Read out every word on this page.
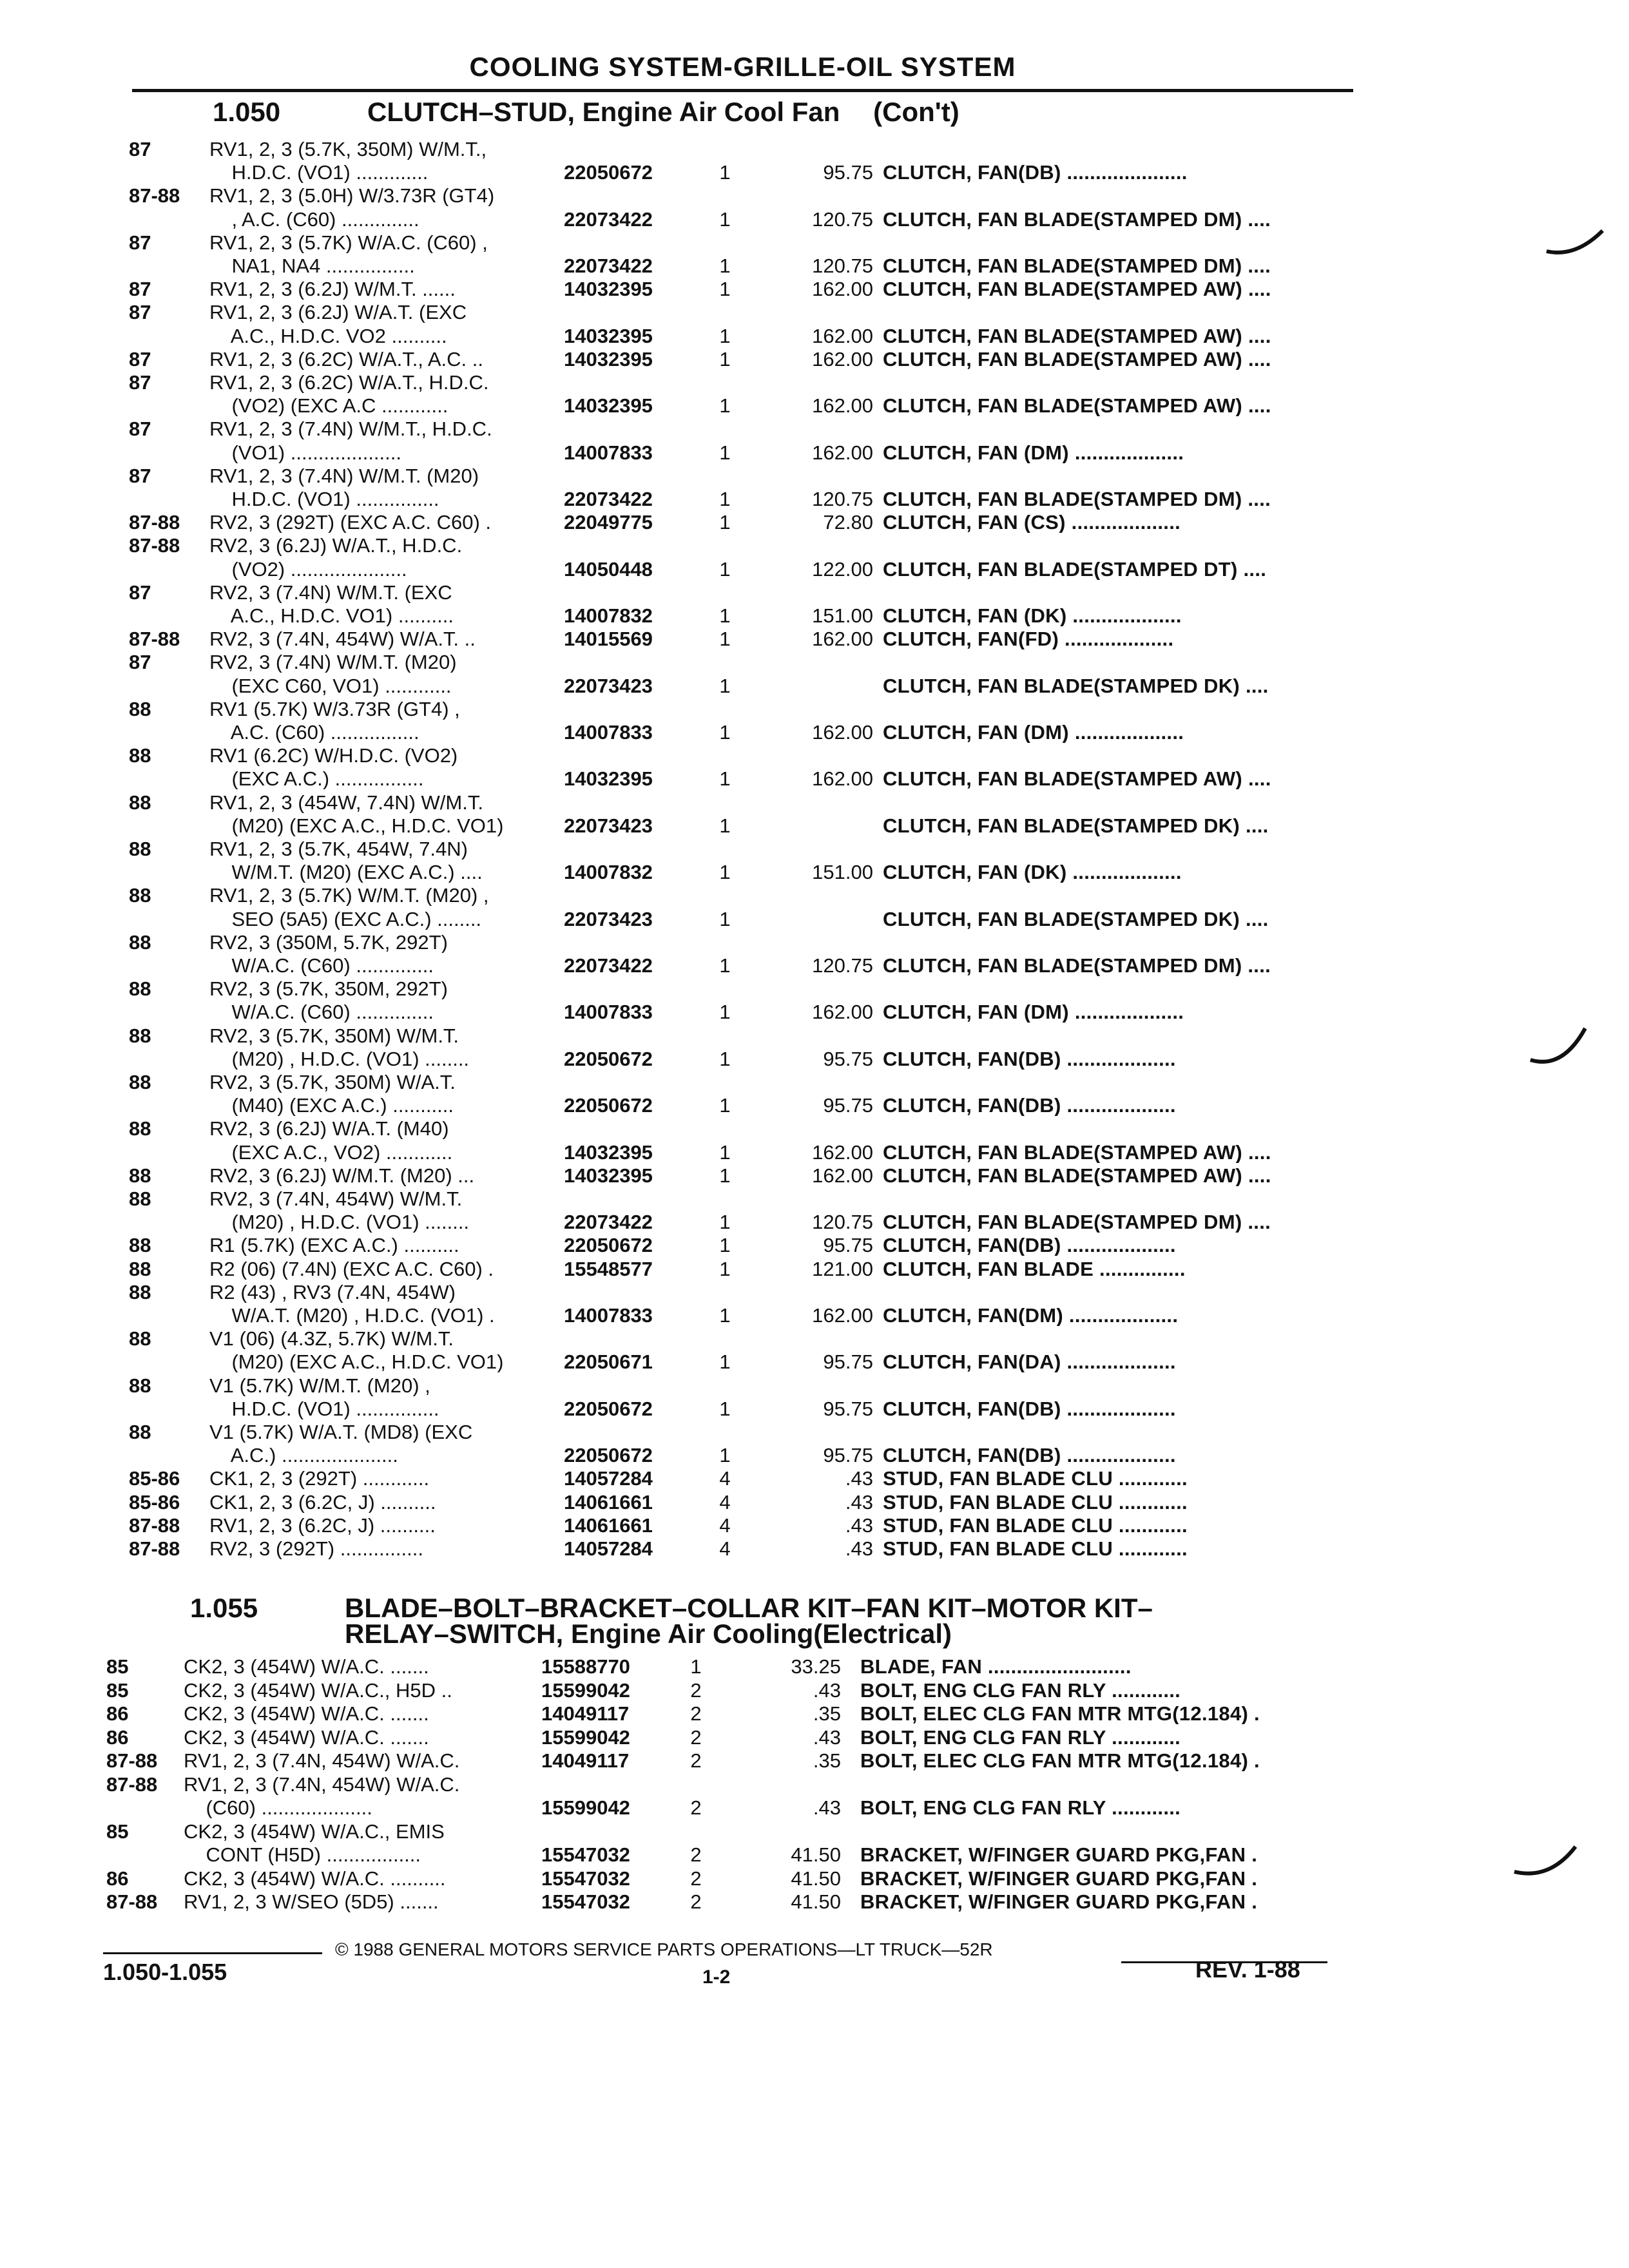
COOLING SYSTEM-GRILLE-OIL SYSTEM
1.050	CLUTCH–STUD, Engine Air Cool Fan (Con't)
87	RV1, 2, 3 (5.7K, 350M) W/M.T.,
H.D.C. (VO1) .............	22050672	1	95.75 CLUTCH, FAN(DB) .....................
87-88 RV1, 2, 3 (5.0H) W/3.73R (GT4)
, A.C. (C60) ..............	22073422	1	120.75 CLUTCH, FAN BLADE(STAMPED DM) ....
87	RV1, 2, 3 (5.7K) W/A.C. (C60) ,
NA1, NA4 ................	22073422	1	120.75 CLUTCH, FAN BLADE(STAMPED DM) ....
87	RV1, 2, 3 (6.2J) W/M.T. ......	14032395	1	162.00 CLUTCH, FAN BLADE(STAMPED AW) ....
87	RV1, 2, 3 (6.2J) W/A.T. (EXC
A.C., H.D.C. VO2 ..........	14032395	1	162.00 CLUTCH, FAN BLADE(STAMPED AW) ....
87	RV1, 2, 3 (6.2C) W/A.T., A.C. ..	14032395	1	162.00 CLUTCH, FAN BLADE(STAMPED AW) ....
87	RV1, 2, 3 (6.2C) W/A.T., H.D.C.
(VO2) (EXC A.C ............	14032395	1	162.00 CLUTCH, FAN BLADE(STAMPED AW) ....
87	RV1, 2, 3 (7.4N) W/M.T., H.D.C.
(VO1) ....................	14007833	1	162.00 CLUTCH, FAN (DM) ...................
87	RV1, 2, 3 (7.4N) W/M.T. (M20)
H.D.C. (VO1) ...............	22073422	1	120.75 CLUTCH, FAN BLADE(STAMPED DM) ....
87-88 RV2, 3 (292T) (EXC A.C. C60) .	22049775	1	72.80 CLUTCH, FAN (CS) ...................
87-88 RV2, 3 (6.2J) W/A.T., H.D.C.
(VO2) .....................	14050448	1	122.00 CLUTCH, FAN BLADE(STAMPED DT) ....
87	RV2, 3 (7.4N) W/M.T. (EXC
A.C., H.D.C. VO1) ..........	14007832	1	151.00 CLUTCH, FAN (DK) ...................
87-88 RV2, 3 (7.4N, 454W) W/A.T. ..	14015569	1	162.00 CLUTCH, FAN(FD) ...................
87	RV2, 3 (7.4N) W/M.T. (M20)
(EXC C60, VO1) ............	22073423	1	CLUTCH, FAN BLADE(STAMPED DK) ....
88	RV1 (5.7K) W/3.73R (GT4) ,
A.C. (C60) ................	14007833	1	162.00 CLUTCH, FAN (DM) ...................
88	RV1 (6.2C) W/H.D.C. (VO2)
(EXC A.C.) ................	14032395	1	162.00 CLUTCH, FAN BLADE(STAMPED AW) ....
88	RV1, 2, 3 (454W, 7.4N) W/M.T.
(M20) (EXC A.C., H.D.C. VO1)	22073423	1	CLUTCH, FAN BLADE(STAMPED DK) ....
88	RV1, 2, 3 (5.7K, 454W, 7.4N)
W/M.T. (M20) (EXC A.C.) ....	14007832	1	151.00 CLUTCH, FAN (DK) ...................
88	RV1, 2, 3 (5.7K) W/M.T. (M20) ,
SEO (5A5) (EXC A.C.) ........	22073423	1	CLUTCH, FAN BLADE(STAMPED DK) ....
88	RV2, 3 (350M, 5.7K, 292T)
W/A.C. (C60) ..............	22073422	1	120.75 CLUTCH, FAN BLADE(STAMPED DM) ....
88	RV2, 3 (5.7K, 350M, 292T)
W/A.C. (C60) ..............	14007833	1	162.00 CLUTCH, FAN (DM) ...................
88	RV2, 3 (5.7K, 350M) W/M.T.
(M20) , H.D.C. (VO1) ........	22050672	1	95.75 CLUTCH, FAN(DB) ...................
88	RV2, 3 (5.7K, 350M) W/A.T.
(M40) (EXC A.C.) ...........	22050672	1	95.75 CLUTCH, FAN(DB) ...................
88	RV2, 3 (6.2J) W/A.T. (M40)
(EXC A.C., VO2) ............	14032395	1	162.00 CLUTCH, FAN BLADE(STAMPED AW) ....
88	RV2, 3 (6.2J) W/M.T. (M20) ...	14032395	1	162.00 CLUTCH, FAN BLADE(STAMPED AW) ....
88	RV2, 3 (7.4N, 454W) W/M.T.
(M20) , H.D.C. (VO1) ........	22073422	1	120.75 CLUTCH, FAN BLADE(STAMPED DM) ....
88	R1 (5.7K) (EXC A.C.) ..........	22050672	1	95.75 CLUTCH, FAN(DB) ...................
88	R2 (06) (7.4N) (EXC A.C. C60) .	15548577	1	121.00 CLUTCH, FAN BLADE ...............
88	R2 (43) , RV3 (7.4N, 454W)
W/A.T. (M20) , H.D.C. (VO1) .	14007833	1	162.00 CLUTCH, FAN(DM) ...................
88	V1 (06) (4.3Z, 5.7K) W/M.T.
(M20) (EXC A.C., H.D.C. VO1)	22050671	1	95.75 CLUTCH, FAN(DA) ...................
88	V1 (5.7K) W/M.T. (M20) ,
H.D.C. (VO1) ...............	22050672	1	95.75 CLUTCH, FAN(DB) ...................
88	V1 (5.7K) W/A.T. (MD8) (EXC
A.C.) .....................	22050672	1	95.75 CLUTCH, FAN(DB) ...................
85-86 CK1, 2, 3 (292T) ............	14057284	4	.43 STUD, FAN BLADE CLU ............
85-86 CK1, 2, 3 (6.2C, J) ..........	14061661	4	.43 STUD, FAN BLADE CLU ............
87-88 RV1, 2, 3 (6.2C, J) ..........	14061661	4	.43 STUD, FAN BLADE CLU ............
87-88 RV2, 3 (292T) ...............	14057284	4	.43 STUD, FAN BLADE CLU ............
1.055	BLADE–BOLT–BRACKET–COLLAR KIT–FAN KIT–MOTOR KIT–
RELAY–SWITCH, Engine Air Cooling(Electrical)
85	CK2, 3 (454W) W/A.C. .......	15588770	1	33.25 BLADE, FAN .........................
85	CK2, 3 (454W) W/A.C., H5D ..	15599042	2	.43 BOLT, ENG CLG FAN RLY ............
86	CK2, 3 (454W) W/A.C. .......	14049117	2	.35 BOLT, ELEC CLG FAN MTR MTG(12.184) .
86	CK2, 3 (454W) W/A.C. .......	15599042	2	.43 BOLT, ENG CLG FAN RLY ............
87-88 RV1, 2, 3 (7.4N, 454W) W/A.C.	14049117	2	.35 BOLT, ELEC CLG FAN MTR MTG(12.184) .
87-88 RV1, 2, 3 (7.4N, 454W) W/A.C.
(C60) ....................	15599042	2	.43 BOLT, ENG CLG FAN RLY ............
85	CK2, 3 (454W) W/A.C., EMIS
CONT (H5D) .................	15547032	2	41.50 BRACKET, W/FINGER GUARD PKG,FAN .
86	CK2, 3 (454W) W/A.C. ..........	15547032	2	41.50 BRACKET, W/FINGER GUARD PKG,FAN .
87-88 RV1, 2, 3 W/SEO (5D5) .......	15547032	2	41.50 BRACKET, W/FINGER GUARD PKG,FAN .
1.050-1.055
© 1988 GENERAL MOTORS SERVICE PARTS OPERATIONS—LT TRUCK—52R
1-2	REV. 1-88
